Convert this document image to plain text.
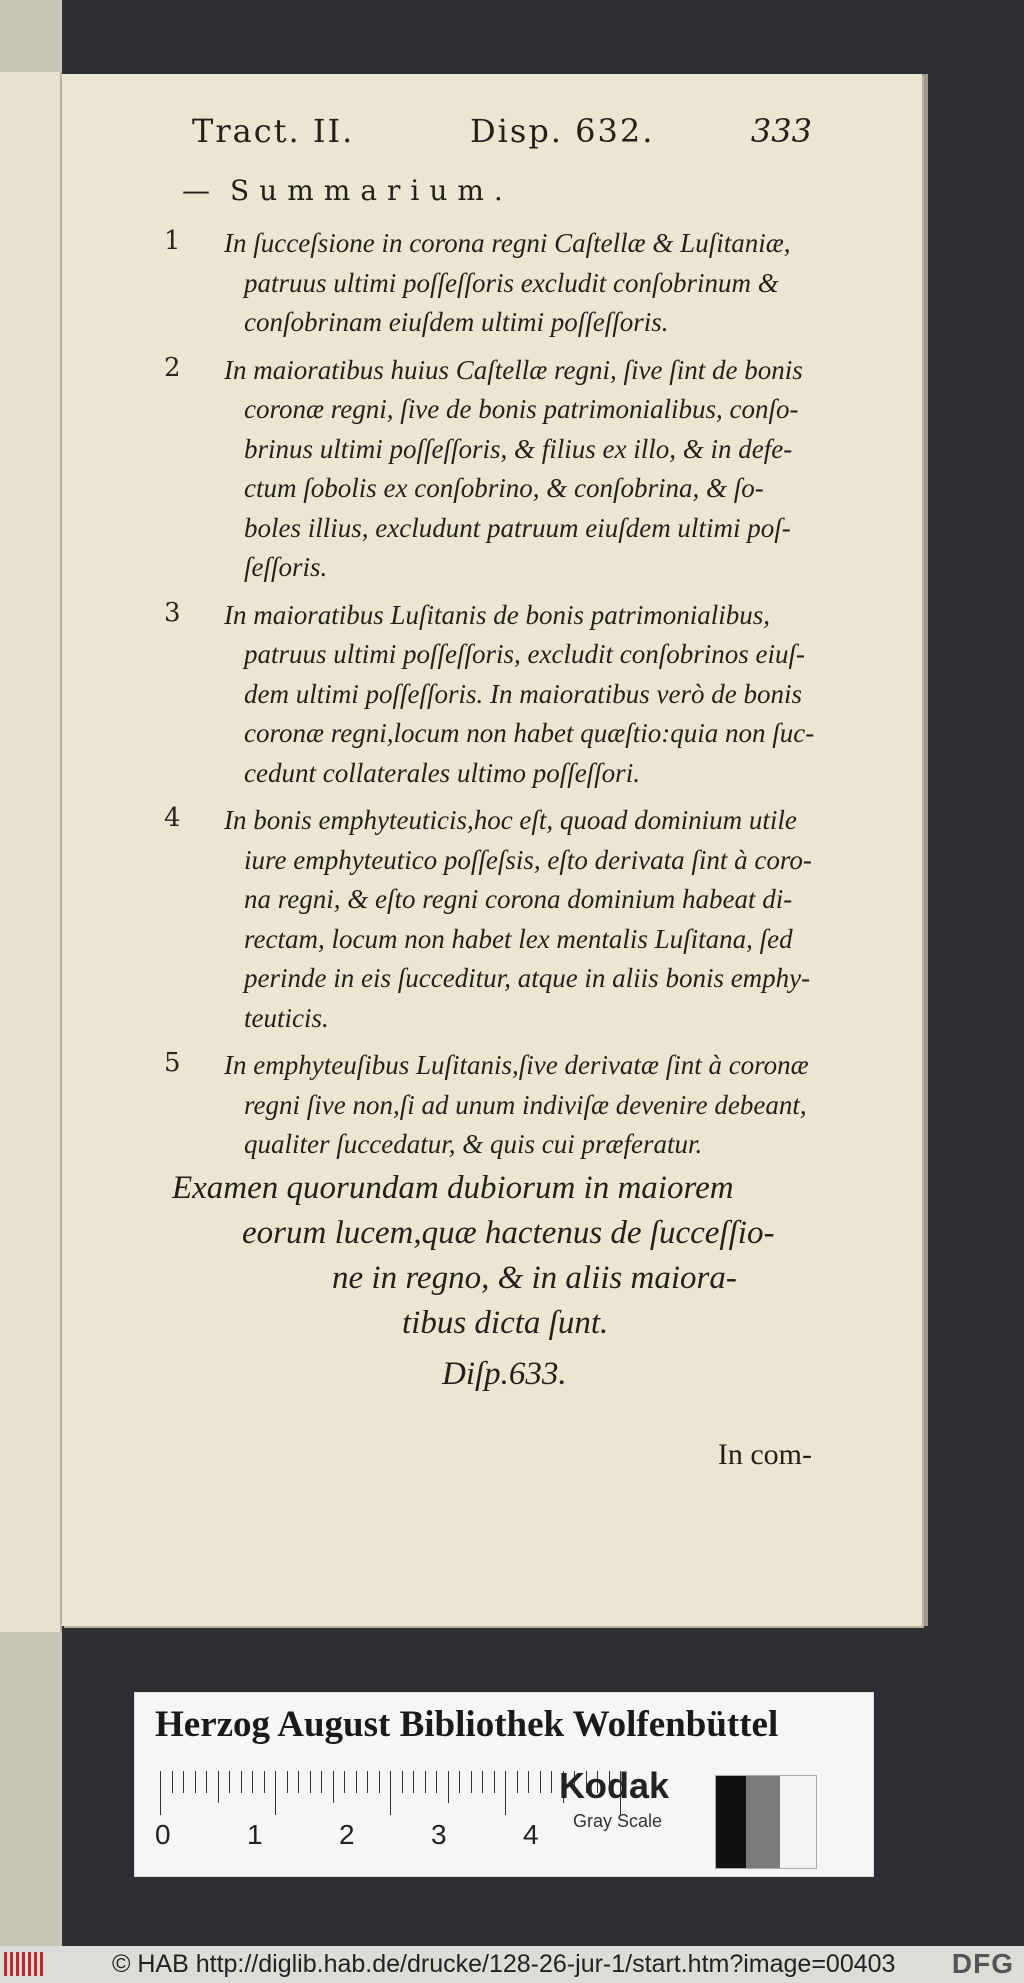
Tract. II.	Disp. 632.	333
— Summarium.
1	In ſucceſsione in corona regni Caſtellæ & Luſitaniæ,
patruus ultimi poſſeſſoris excludit conſobrinum &
conſobrinam eiuſdem ultimi poſſeſſoris.
2	In maioratibus huius Caſtellæ regni, ſive ſint de bonis
coronæ regni, ſive de bonis patrimonialibus, conſo-
brinus ultimi poſſeſſoris, & filius ex illo, & in defe-
ctum ſobolis ex conſobrino, & conſobrina, & ſo-
boles illius, excludunt patruum eiuſdem ultimi poſ-
ſeſſoris.
3	In maioratibus Luſitanis de bonis patrimonialibus,
patruus ultimi poſſeſſoris, excludit conſobrinos eiuſ-
dem ultimi poſſeſſoris. In maioratibus verò de bonis
coronæ regni,locum non habet quæſtio:quia non ſuc-
cedunt collaterales ultimo poſſeſſori.
4	In bonis emphyteuticis,hoc eſt, quoad dominium utile
iure emphyteutico poſſeſsis, eſto derivata ſint à coro-
na regni, & eſto regni corona dominium habeat di-
rectam, locum non habet lex mentalis Luſitana, ſed
perinde in eis ſucceditur, atque in aliis bonis emphy-
teuticis.
5	In emphyteuſibus Luſitanis,ſive derivatæ ſint à coronæ
regni ſive non,ſi ad unum indiviſæ devenire debeant,
qualiter ſuccedatur, & quis cui præferatur.
Examen quorundam dubiorum in maiorem
eorum lucem,quæ hactenus de ſucceſſio-
ne in regno, & in aliis maiora-
tibus dicta ſunt.
Diſp.633.
In com-
Herzog August Bibliothek Wolfenbüttel
0	1	2	3	4
Kodak
Gray Scale
© HAB http://diglib.hab.de/drucke/128-26-jur-1/start.htm?image=00403 DFG
